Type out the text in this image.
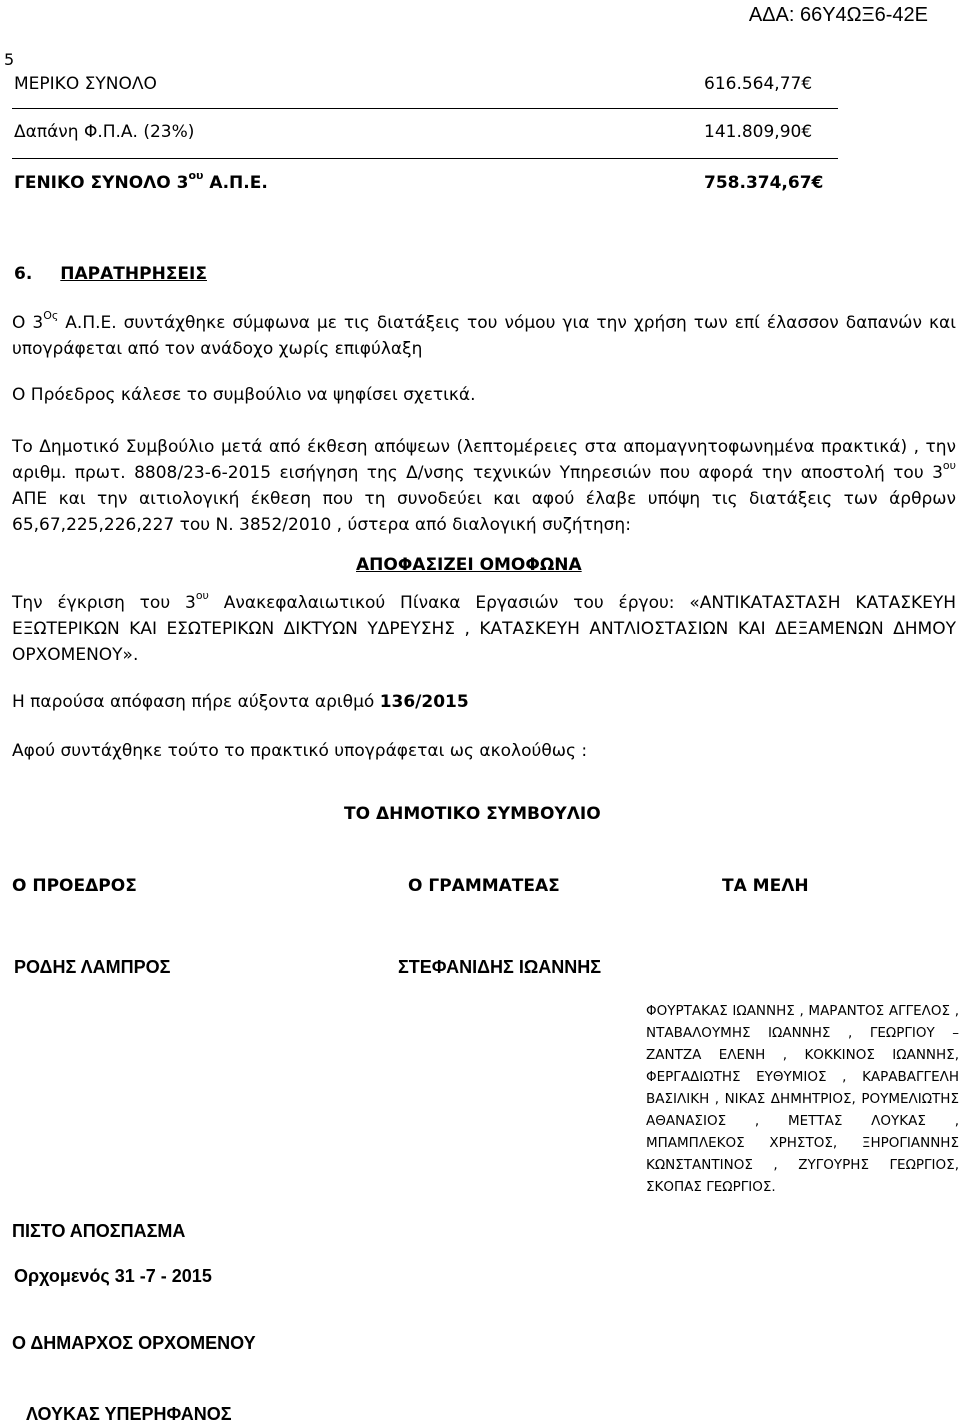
ΑΔΑ: 66Υ4ΩΞ6-42Ε
5
ΜΕΡΙΚΟ ΣΥΝΟΛΟ	616.564,77€
Δαπάνη Φ.Π.Α. (23%)	141.809,90€
ΓΕΝΙΚΟ ΣΥΝΟΛΟ $3^{o\upsilon}$ Α.Π.Ε.	758.374,67€
6. ΠΑΡΑΤΗΡΗΣΕΙΣ
Ο $3^{O\varsigma}$ Α.Π.Ε. συντάχθηκε σύμφωνα με τις διατάξεις του νόμου για την χρήση των επί έλασσον δαπανών και υπογράφεται από τον ανάδοχο χωρίς επιφύλαξη
Ο Πρόεδρος κάλεσε το συμβούλιο να ψηφίσει σχετικά.
Το Δημοτικό Συμβούλιο μετά από έκθεση απόψεων (λεπτομέρειες στα απομαγνητοφωνημένα πρακτικά) , την αριθμ. πρωτ. 8808/23-6-2015 εισήγηση της Δ/νσης τεχνικών Υπηρεσιών που αφορά την αποστολή του $3^{o\upsilon}$ ΑΠΕ και την αιτιολογική έκθεση που τη συνοδεύει και αφού έλαβε υπόψη τις διατάξεις των άρθρων 65,67,225,226,227 του Ν. 3852/2010 , ύστερα από διαλογική συζήτηση:
ΑΠΟΦΑΣΙΖΕΙ ΟΜΟΦΩΝΑ
Την έγκριση του $3^{o\upsilon}$ Ανακεφαλαιωτικού Πίνακα Εργασιών του έργου: «ΑΝΤΙΚΑΤΑΣΤΑΣΗ ΚΑΤΑΣΚΕΥΗ ΕΞΩΤΕΡΙΚΩΝ ΚΑΙ ΕΣΩΤΕΡΙΚΩΝ ΔΙΚΤΥΩΝ ΥΔΡΕΥΣΗΣ , ΚΑΤΑΣΚΕΥΗ ΑΝΤΛΙΟΣΤΑΣΙΩΝ ΚΑΙ ΔΕΞΑΜΕΝΩΝ ΔΗΜΟΥ ΟΡΧΟΜΕΝΟΥ».
Η παρούσα απόφαση πήρε αύξοντα αριθμό 136/2015
Αφού συντάχθηκε τούτο το πρακτικό υπογράφεται ως ακολούθως :
ΤΟ ΔΗΜΟΤΙΚΟ ΣΥΜΒΟΥΛΙΟ
Ο ΠΡΟΕΔΡΟΣ	Ο ΓΡΑΜΜΑΤΕΑΣ	ΤΑ ΜΕΛΗ
ΡΟΔΗΣ ΛΑΜΠΡΟΣ	ΣΤΕΦΑΝΙΔΗΣ ΙΩΑΝΝΗΣ
ΦΟΥΡΤΑΚΑΣ ΙΩΑΝΝΗΣ , ΜΑΡΑΝΤΟΣ ΑΓΓΕΛΟΣ , ΝΤΑΒΑΛΟΥΜΗΣ ΙΩΑΝΝΗΣ , ΓΕΩΡΓΙΟΥ – ΖΑΝΤΖΑ ΕΛΕΝΗ , ΚΟΚΚΙΝΟΣ ΙΩΑΝΝΗΣ, ΦΕΡΓΑΔΙΩΤΗΣ ΕΥΘΥΜΙΟΣ , ΚΑΡΑΒΑΓΓΕΛΗ ΒΑΣΙΛΙΚΗ , ΝΙΚΑΣ ΔΗΜΗΤΡΙΟΣ, ΡΟΥΜΕΛΙΩΤΗΣ ΑΘΑΝΑΣΙΟΣ , ΜΕΤΤΑΣ ΛΟΥΚΑΣ , ΜΠΑΜΠΛΕΚΟΣ ΧΡΗΣΤΟΣ, ΞΗΡΟΓΙΑΝΝΗΣ ΚΩΝΣΤΑΝΤΙΝΟΣ , ΖΥΓΟΥΡΗΣ ΓΕΩΡΓΙΟΣ, ΣΚΟΠΑΣ ΓΕΩΡΓΙΟΣ.
ΠΙΣΤΟ ΑΠΟΣΠΑΣΜΑ
Ορχομενός 31 -7 - 2015
Ο ΔΗΜΑΡΧΟΣ ΟΡΧΟΜΕΝΟΥ
ΛΟΥΚΑΣ ΥΠΕΡΗΦΑΝΟΣ
